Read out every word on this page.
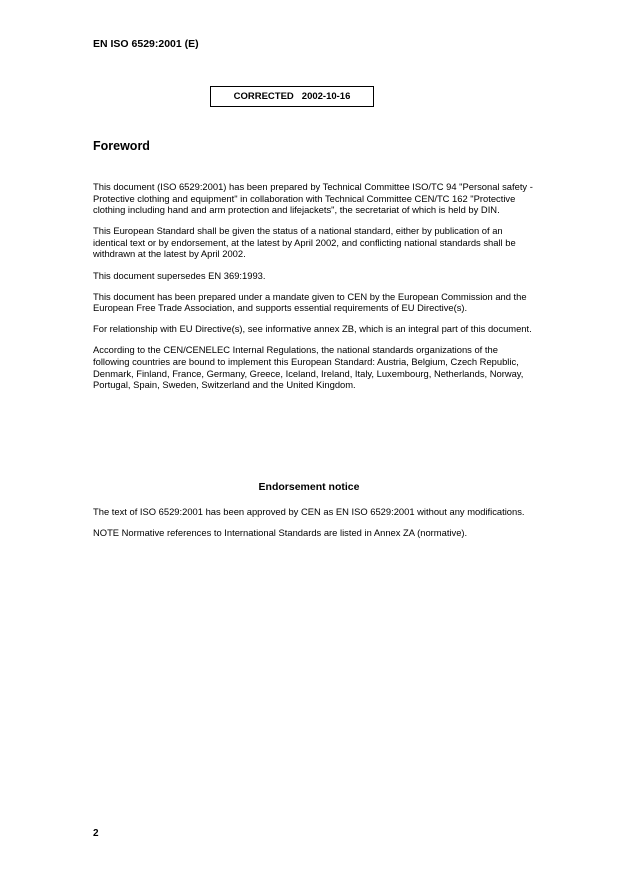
EN ISO 6529:2001 (E)
CORRECTED 2002-10-16
Foreword

This document (ISO 6529:2001) has been prepared by Technical Committee ISO/TC 94 "Personal safety - Protective clothing and equipment" in collaboration with Technical Committee CEN/TC 162 "Protective clothing including hand and arm protection and lifejackets", the secretariat of which is held by DIN.

This European Standard shall be given the status of a national standard, either by publication of an identical text or by endorsement, at the latest by April 2002, and conflicting national standards shall be withdrawn at the latest by April 2002.

This document supersedes EN 369:1993.

This document has been prepared under a mandate given to CEN by the European Commission and the European Free Trade Association, and supports essential requirements of EU Directive(s).

For relationship with EU Directive(s), see informative annex ZB, which is an integral part of this document.

According to the CEN/CENELEC Internal Regulations, the national standards organizations of the following countries are bound to implement this European Standard: Austria, Belgium, Czech Republic, Denmark, Finland, France, Germany, Greece, Iceland, Ireland, Italy, Luxembourg, Netherlands, Norway, Portugal, Spain, Sweden, Switzerland and the United Kingdom.

Endorsement notice

The text of ISO 6529:2001 has been approved by CEN as EN ISO 6529:2001 without any modifications.

NOTE Normative references to International Standards are listed in Annex ZA (normative).

2
